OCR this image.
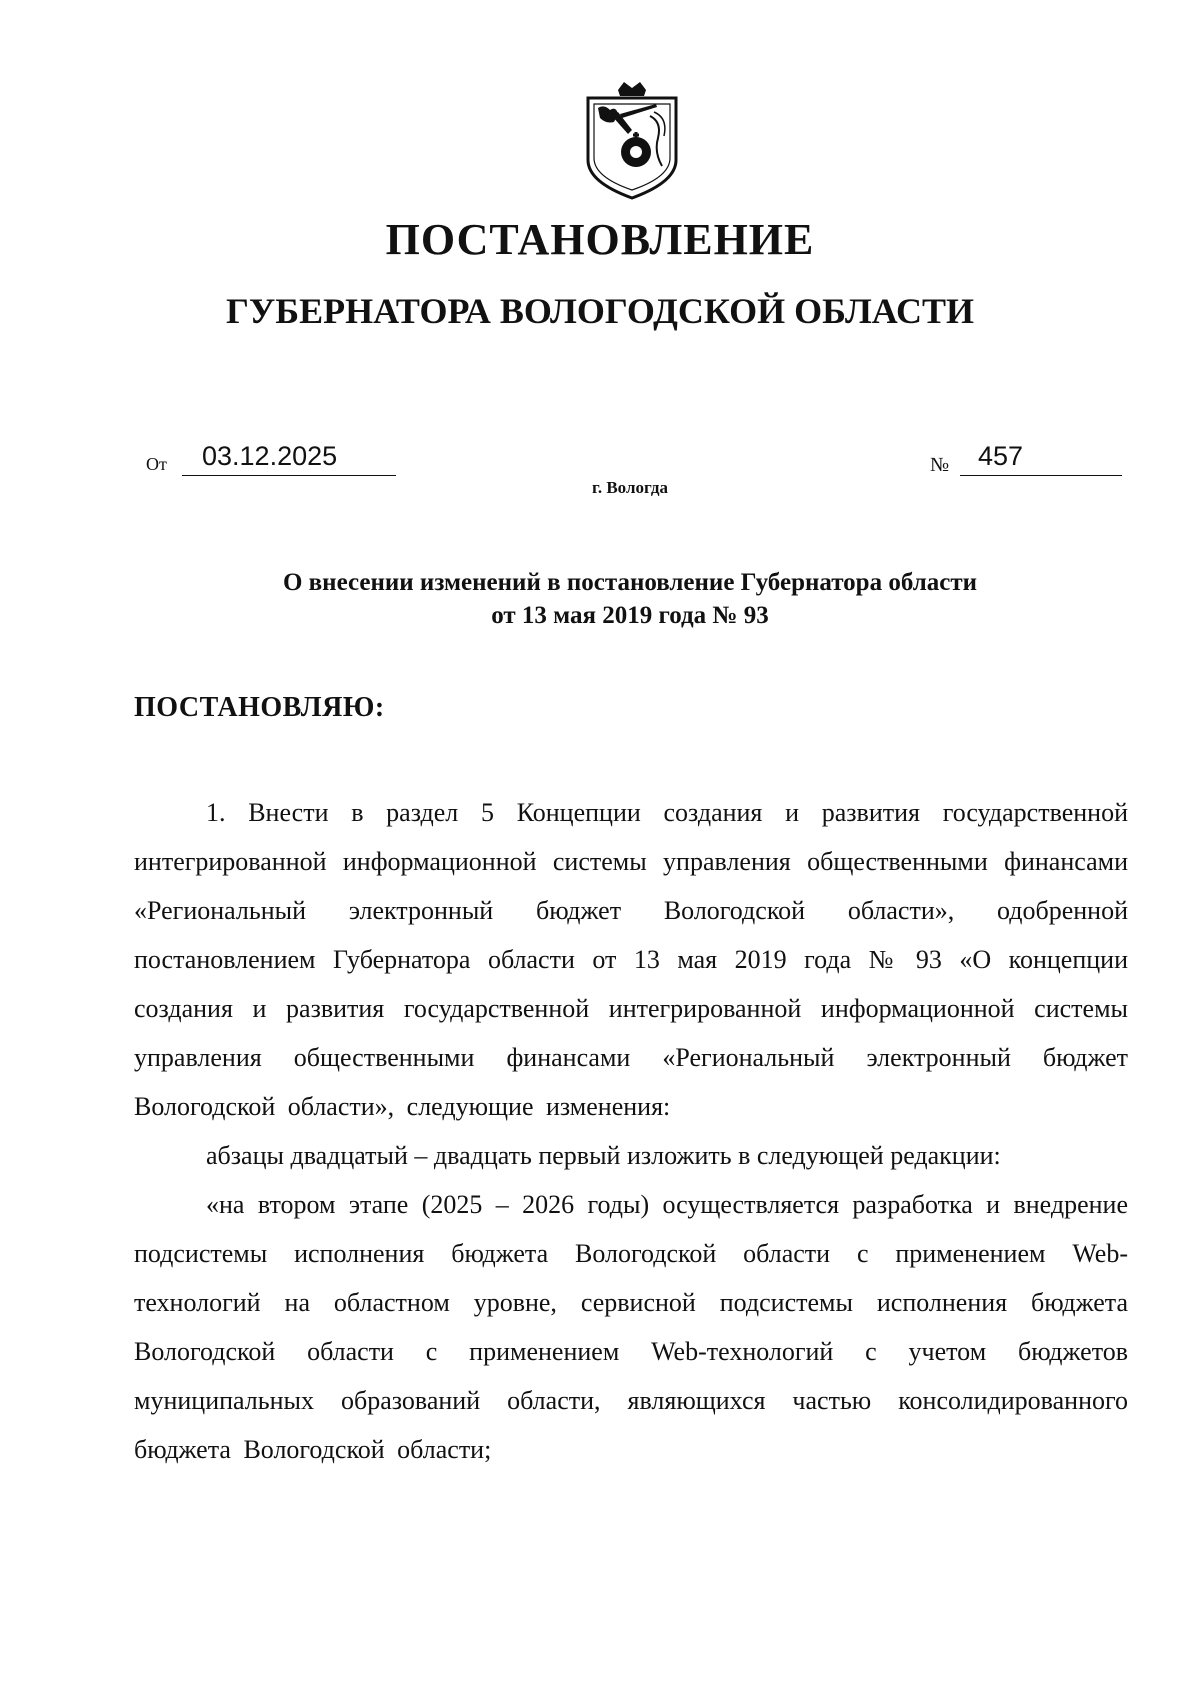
ПОСТАНОВЛЕНИЕ
ГУБЕРНАТОРА ВОЛОГОДСКОЙ ОБЛАСТИ
От	03.12.2025	№	457
г. Вологда
О внесении изменений в постановление Губернатора области
от 13 мая 2019 года № 93
ПОСТАНОВЛЯЮ:

1. Внести в раздел 5 Концепции создания и развития государственной интегрированной информационной системы управления общественными финансами «Региональный электронный бюджет Вологодской области», одобренной постановлением Губернатора области от 13 мая 2019 года № 93 «О концепции создания и развития государственной интегрированной информационной системы управления общественными финансами «Региональный электронный бюджет Вологодской области», следующие изменения:

абзацы двадцатый – двадцать первый изложить в следующей редакции:

«на втором этапе (2025 – 2026 годы) осуществляется разработка и внедрение подсистемы исполнения бюджета Вологодской области с применением Web-технологий на областном уровне, сервисной подсистемы исполнения бюджета Вологодской области с применением Web-технологий с учетом бюджетов муниципальных образований области, являющихся частью консолидированного бюджета Вологодской области;
